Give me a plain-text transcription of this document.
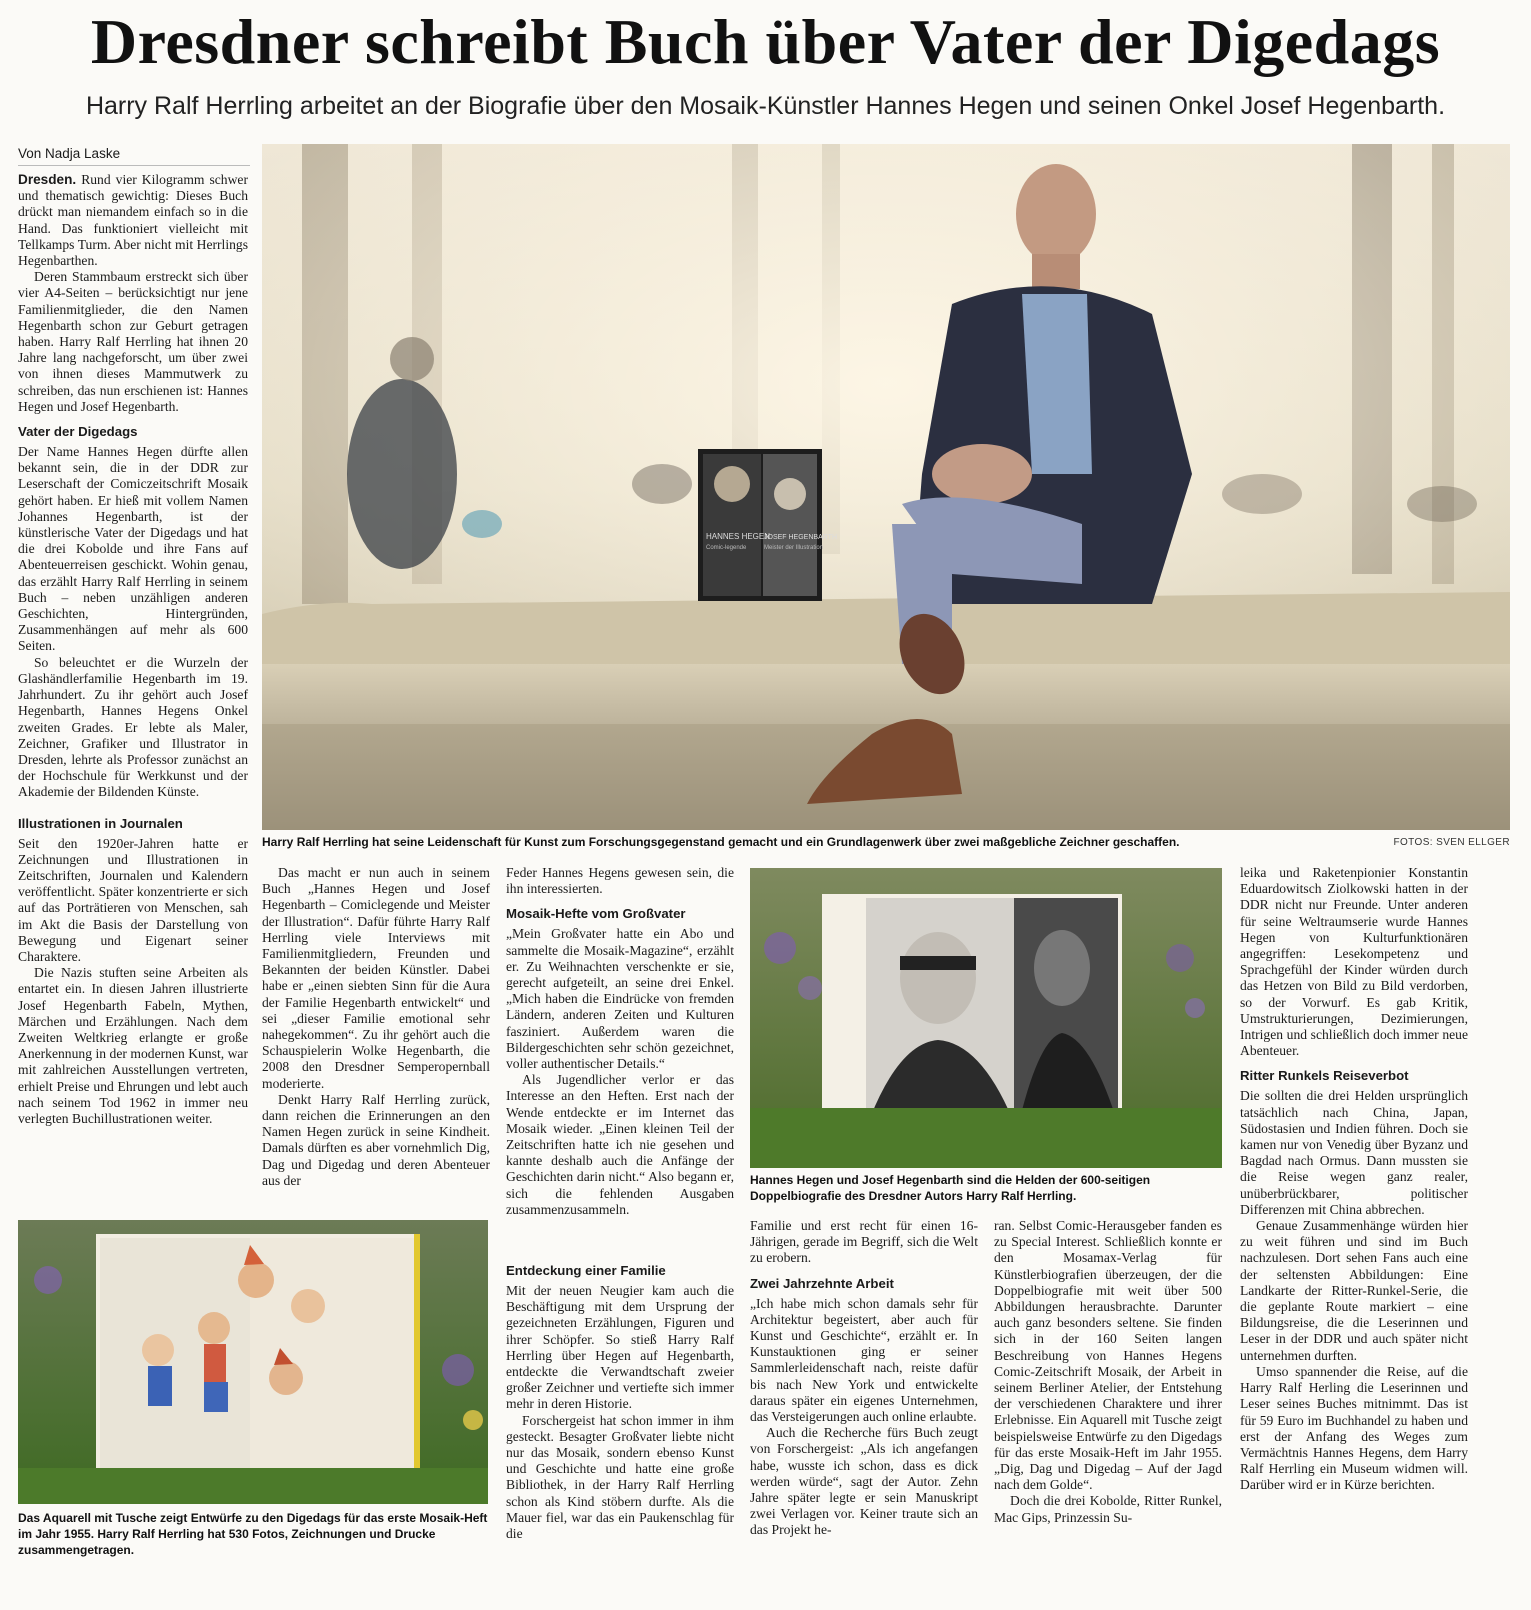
Dresdner schreibt Buch über Vater der Digedags
Harry Ralf Herrling arbeitet an der Biografie über den Mosaik-Künstler Hannes Hegen und seinen Onkel Josef Hegenbarth.
Von Nadja Laske
HANNES HEGEN
Comic-legende
JOSEF HEGENBARTH
Meister der Illustration
Harry Ralf Herrling hat seine Leidenschaft für Kunst zum Forschungsgegenstand gemacht und ein Grundlagenwerk über zwei maßgebliche Zeichner geschaffen.	FOTOS: SVEN ELLGER

Dresden. Rund vier Kilogramm schwer und thematisch gewichtig: Dieses Buch drückt man niemandem einfach so in die Hand. Das funktioniert vielleicht mit Tellkamps Turm. Aber nicht mit Herrlings Hegenbarthen.

Deren Stammbaum erstreckt sich über vier A4-Seiten – berücksichtigt nur jene Familienmitglieder, die den Namen Hegenbarth schon zur Geburt getragen haben. Harry Ralf Herrling hat ihnen 20 Jahre lang nachgeforscht, um über zwei von ihnen dieses Mammutwerk zu schreiben, das nun erschienen ist: Hannes Hegen und Josef Hegenbarth.

Vater der Digedags

Der Name Hannes Hegen dürfte allen bekannt sein, die in der DDR zur Leserschaft der Comiczeitschrift Mosaik gehört haben. Er hieß mit vollem Namen Johannes Hegenbarth, ist der künstlerische Vater der Digedags und hat die drei Kobolde und ihre Fans auf Abenteuerreisen geschickt. Wohin genau, das erzählt Harry Ralf Herrling in seinem Buch – neben unzähligen anderen Geschichten, Hintergründen, Zusammenhängen auf mehr als 600 Seiten.

So beleuchtet er die Wurzeln der Glashändlerfamilie Hegenbarth im 19. Jahrhundert. Zu ihr gehört auch Josef Hegenbarth, Hannes Hegens Onkel zweiten Grades. Er lebte als Maler, Zeichner, Grafiker und Illustrator in Dresden, lehrte als Professor zunächst an der Hochschule für Werkkunst und der Akademie der Bildenden Künste.

Illustrationen in Journalen

Seit den 1920er-Jahren hatte er Zeichnungen und Illustrationen in Zeitschriften, Journalen und Kalendern veröffentlicht. Später konzentrierte er sich auf das Porträtieren von Menschen, sah im Akt die Basis der Darstellung von Bewegung und Eigenart seiner Charaktere.

Die Nazis stuften seine Arbeiten als entartet ein. In diesen Jahren illustrierte Josef Hegenbarth Fabeln, Mythen, Märchen und Erzählungen. Nach dem Zweiten Weltkrieg erlangte er große Anerkennung in der modernen Kunst, war mit zahlreichen Ausstellungen vertreten, erhielt Preise und Ehrungen und lebt auch nach seinem Tod 1962 in immer neu verlegten Buchillustrationen weiter.

Das macht er nun auch in seinem Buch „Hannes Hegen und Josef Hegenbarth – Comiclegende und Meister der Illustration“. Dafür führte Harry Ralf Herrling viele Interviews mit Familienmitgliedern, Freunden und Bekannten der beiden Künstler. Dabei habe er „einen siebten Sinn für die Aura der Familie Hegenbarth entwickelt“ und sei „dieser Familie emotional sehr nahegekommen“. Zu ihr gehört auch die Schauspielerin Wolke Hegenbarth, die 2008 den Dresdner Semperopernball moderierte.

Denkt Harry Ralf Herrling zurück, dann reichen die Erinnerungen an den Namen Hegen zurück in seine Kindheit. Damals dürften es aber vornehmlich Dig, Dag und Digedag und deren Abenteuer aus der

Feder Hannes Hegens gewesen sein, die ihn interessierten.

Mosaik-Hefte vom Großvater

„Mein Großvater hatte ein Abo und sammelte die Mosaik-Magazine“, erzählt er. Zu Weihnachten verschenkte er sie, gerecht aufgeteilt, an seine drei Enkel. „Mich haben die Eindrücke von fremden Ländern, anderen Zeiten und Kulturen fasziniert. Außerdem waren die Bildergeschichten sehr schön gezeichnet, voller authentischer Details.“

Als Jugendlicher verlor er das Interesse an den Heften. Erst nach der Wende entdeckte er im Internet das Mosaik wieder. „Einen kleinen Teil der Zeitschriften hatte ich nie gesehen und kannte deshalb auch die Anfänge der Geschichten darin nicht.“ Also begann er, sich die fehlenden Ausgaben zusammenzusammeln.

Hannes Hegen und Josef Hegenbarth sind die Helden der 600-seitigen Doppelbiografie des Dresdner Autors Harry Ralf Herrling.

leika und Raketenpionier Konstantin Eduardowitsch Ziolkowski hatten in der DDR nicht nur Freunde. Unter anderen für seine Weltraumserie wurde Hannes Hegen von Kulturfunktionären angegriffen: Lesekompetenz und Sprachgefühl der Kinder würden durch das Hetzen von Bild zu Bild verdorben, so der Vorwurf. Es gab Kritik, Umstrukturierungen, Dezimierungen, Intrigen und schließlich doch immer neue Abenteuer.

Ritter Runkels Reiseverbot

Die sollten die drei Helden ursprünglich tatsächlich nach China, Japan, Südostasien und Indien führen. Doch sie kamen nur von Venedig über Byzanz und Bagdad nach Ormus. Dann mussten sie die Reise wegen ganz realer, unüberbrückbarer, politischer Differenzen mit China abbrechen.

Genaue Zusammenhänge würden hier zu weit führen und sind im Buch nachzulesen. Dort sehen Fans auch eine der seltensten Abbildungen: Eine Landkarte der Ritter-Runkel-Serie, die die geplante Route markiert – eine Bildungsreise, die die Leserinnen und Leser in der DDR und auch später nicht unternehmen durften.

Umso spannender die Reise, auf die Harry Ralf Herling die Leserinnen und Leser seines Buches mitnimmt. Das ist für 59 Euro im Buchhandel zu haben und erst der Anfang des Weges zum Vermächtnis Hannes Hegens, dem Harry Ralf Herrling ein Museum widmen will. Darüber wird er in Kürze berichten.

Das Aquarell mit Tusche zeigt Entwürfe zu den Digedags für das erste Mosaik-Heft im Jahr 1955. Harry Ralf Herrling hat 530 Fotos, Zeichnungen und Drucke zusammengetragen.
Entdeckung einer Familie

Mit der neuen Neugier kam auch die Beschäftigung mit dem Ursprung der gezeichneten Erzählungen, Figuren und ihrer Schöpfer. So stieß Harry Ralf Herrling über Hegen auf Hegenbarth, entdeckte die Verwandtschaft zweier großer Zeichner und vertiefte sich immer mehr in deren Historie.

Forschergeist hat schon immer in ihm gesteckt. Besagter Großvater liebte nicht nur das Mosaik, sondern ebenso Kunst und Geschichte und hatte eine große Bibliothek, in der Harry Ralf Herrling schon als Kind stöbern durfte. Als die Mauer fiel, war das ein Paukenschlag für die

Familie und erst recht für einen 16-Jährigen, gerade im Begriff, sich die Welt zu erobern.

Zwei Jahrzehnte Arbeit

„Ich habe mich schon damals sehr für Architektur begeistert, aber auch für Kunst und Geschichte“, erzählt er. In Kunstauktionen ging er seiner Sammlerleidenschaft nach, reiste dafür bis nach New York und entwickelte daraus später ein eigenes Unternehmen, das Versteigerungen auch online erlaubte.

Auch die Recherche fürs Buch zeugt von Forschergeist: „Als ich angefangen habe, wusste ich schon, dass es dick werden würde“, sagt der Autor. Zehn Jahre später legte er sein Manuskript zwei Verlagen vor. Keiner traute sich an das Projekt he-

ran. Selbst Comic-Herausgeber fanden es zu Special Interest. Schließlich konnte er den Mosamax-Verlag für Künstlerbiografien überzeugen, der die Doppelbiografie mit weit über 500 Abbildungen herausbrachte. Darunter auch ganz besonders seltene. Sie finden sich in der 160 Seiten langen Beschreibung von Hannes Hegens Comic-Zeitschrift Mosaik, der Arbeit in seinem Berliner Atelier, der Entstehung der verschiedenen Charaktere und ihrer Erlebnisse. Ein Aquarell mit Tusche zeigt beispielsweise Entwürfe zu den Digedags für das erste Mosaik-Heft im Jahr 1955. „Dig, Dag und Digedag – Auf der Jagd nach dem Golde“.

Doch die drei Kobolde, Ritter Runkel, Mac Gips, Prinzessin Su-
